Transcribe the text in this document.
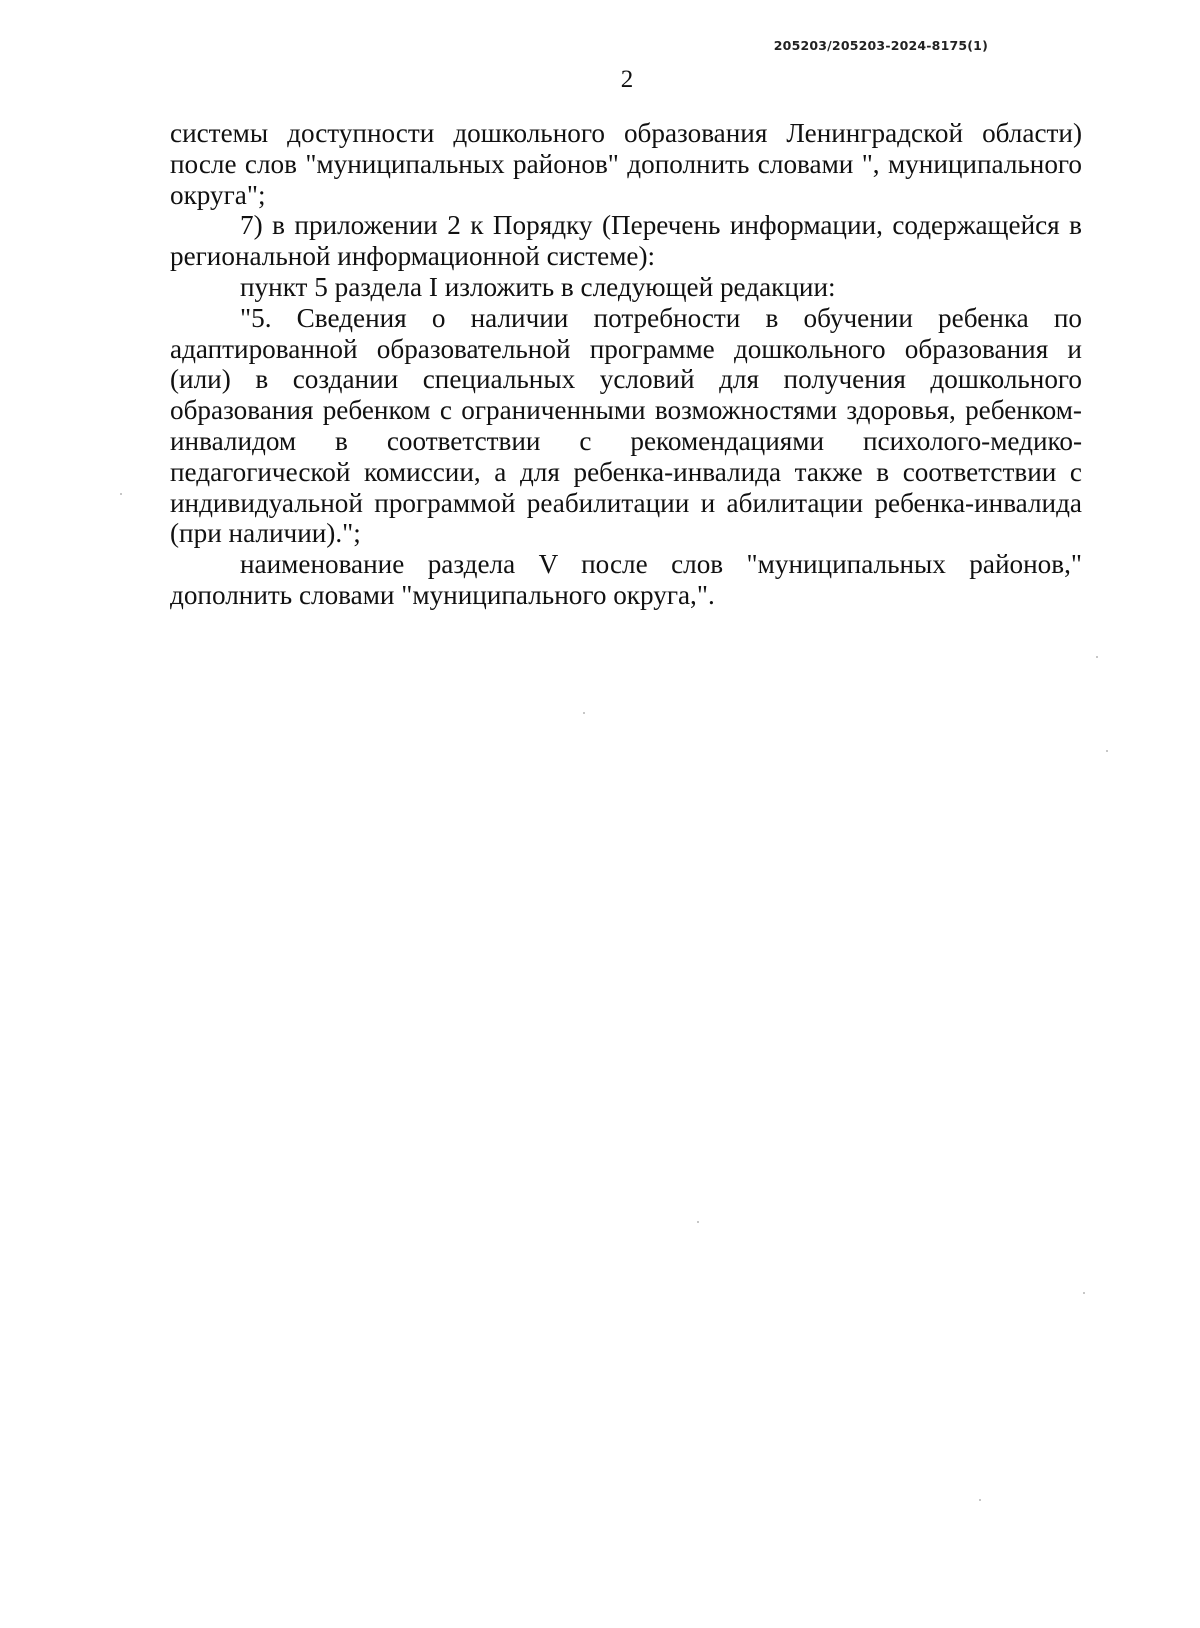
205203/205203-2024-8175(1)
2

системы доступности дошкольного образования Ленинградской области) после слов "муниципальных районов" дополнить словами ", муниципального округа";

7) в приложении 2 к Порядку (Перечень информации, содержащейся в региональной информационной системе):

пункт 5 раздела I изложить в следующей редакции:

"5. Сведения о наличии потребности в обучении ребенка по адаптированной образовательной программе дошкольного образования и (или) в создании специальных условий для получения дошкольного образования ребенком с ограниченными возможностями здоровья, ребенком-инвалидом в соответствии с рекомендациями психолого-медико-педагогической комиссии, а для ребенка-инвалида также в соответствии с индивидуальной программой реабилитации и абилитации ребенка-инвалида (при наличии).";

наименование раздела V после слов "муниципальных районов," дополнить словами "муниципального округа,".
